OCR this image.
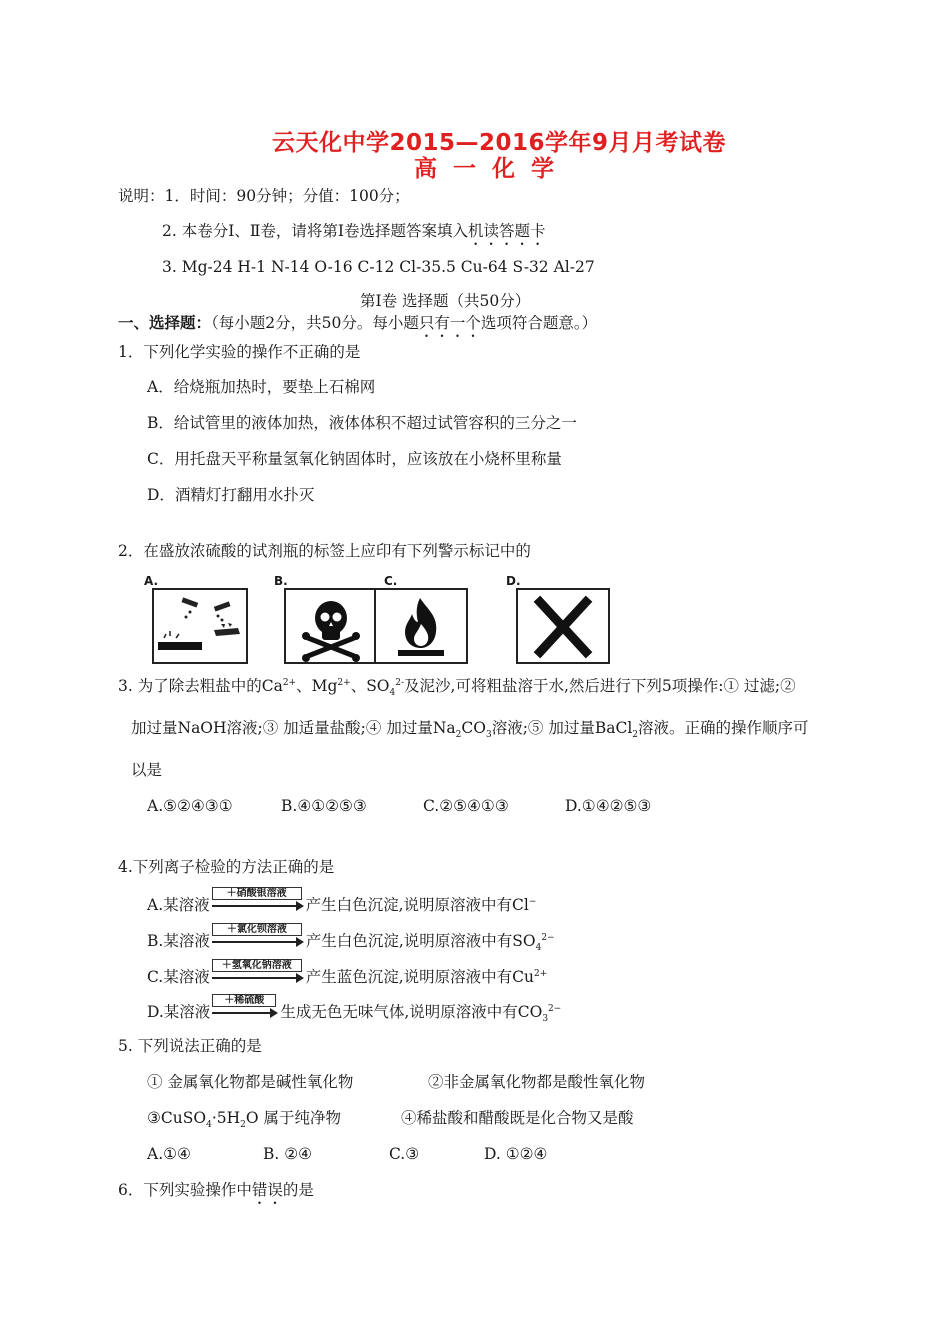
云天化中学2015—2016学年9月月考试卷
高 一 化 学
说明：1．时间：90分钟；分值：100分；
2. 本卷分Ⅰ、Ⅱ卷，请将第Ⅰ卷选择题答案填入机读答题卡
3. Mg-24 H-1 N-14 O-16 C-12 Cl-35.5 Cu-64 S-32 Al-27
第Ⅰ卷 选择题（共50分）
一、选择题：（每小题2分，共50分。每小题只有一个选项符合题意。）
1．下列化学实验的操作不正确的是
A．给烧瓶加热时，要垫上石棉网
B．给试管里的液体加热，液体体积不超过试管容积的三分之一
C．用托盘天平称量氢氧化钠固体时，应该放在小烧杯里称量
D．酒精灯打翻用水扑灭
2．在盛放浓硫酸的试剂瓶的标签上应印有下列警示标记中的
A.	B.	C.	D.
3. 为了除去粗盐中的$Ca^{2+}$、$Mg^{2+}$、$SO_4^{2-}$及泥沙,可将粗盐溶于水,然后进行下列5项操作:① 过滤;②
加过量NaOH溶液;③ 加适量盐酸;④ 加过量$Na_2CO_3$溶液;⑤ 加过量BaCl$_2$溶液。正确的操作顺序可
以是
A.⑤②④③①	B.④①②⑤③	C.②⑤④①③	D.①④②⑤③
4.下列离子检验的方法正确的是
A.某溶液
＋硝酸银溶液
产生白色沉淀,说明原溶液中有Cl−
B.某溶液
＋氯化钡溶液
产生白色沉淀,说明原溶液中有$SO_4^{2-}$
C.某溶液
＋氢氧化钠溶液
产生蓝色沉淀,说明原溶液中有$Cu^{2+}$
D.某溶液
＋稀硫酸
生成无色无味气体,说明原溶液中有$CO_3^{2-}$
5. 下列说法正确的是
① 金属氧化物都是碱性氧化物	②非金属氧化物都是酸性氧化物
$③CuSO_4\cdot 5H_2O$ 属于纯净物	④稀盐酸和醋酸既是化合物又是酸
A.①④	B. ②④	C.③	D. ①②④
6．下列实验操作中错误的是
